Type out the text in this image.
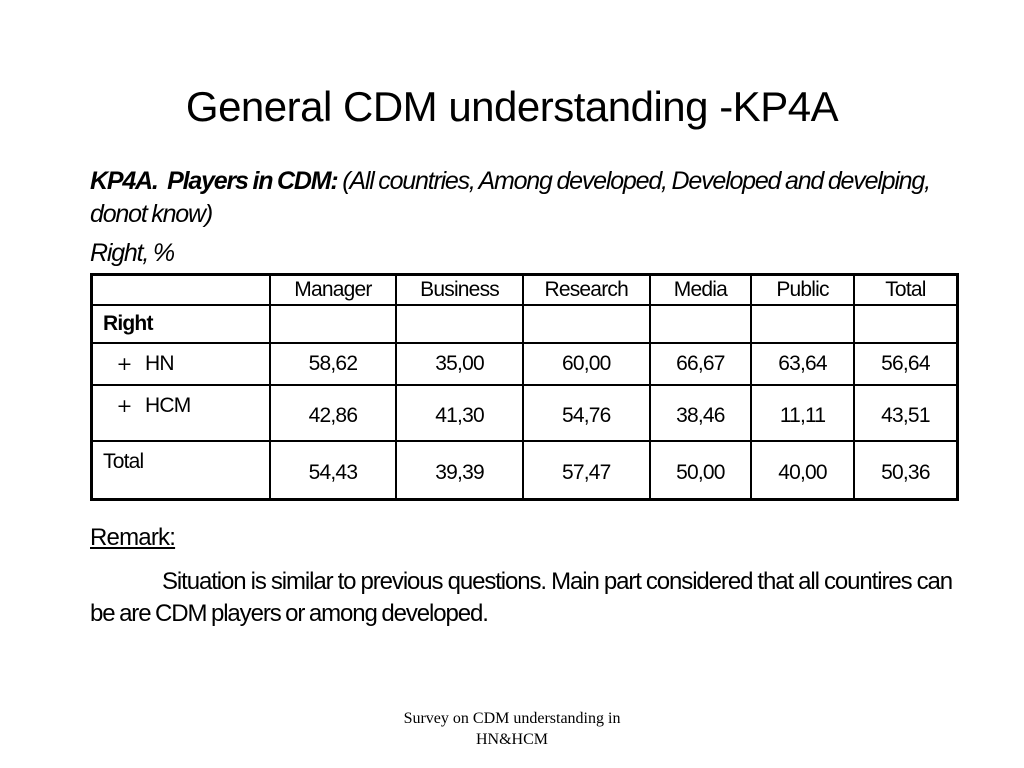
General CDM understanding -KP4A
KP4A. Players in CDM: (All countries, Among developed, Developed and develping, donot know)
Right, %
	Manager	Business	Research	Media	Public	Total
Right						
+ HN	58,62	35,00	60,00	66,67	63,64	56,64
+ HCM	42,86	41,30	54,76	38,46	11,11	43,51
Total	54,43	39,39	57,47	50,00	40,00	50,36
Remark:
Situation is similar to previous questions. Main part considered that all countires can be are CDM players or among developed.
Survey on CDM understanding in
HN&HCM
